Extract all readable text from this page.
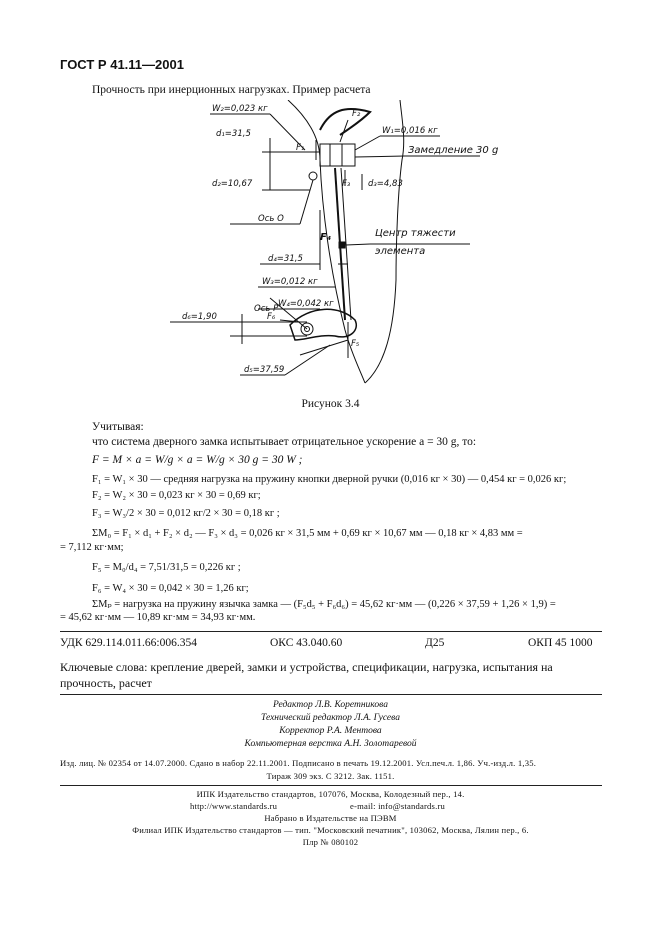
ГОСТ Р 41.11—2001
Прочность при инерционных нагрузках. Пример расчета
W₂=0,023 кг	F₂
W₁=0,016 кг
d₁=31,5
F₁	Замедление 30 g
d₂=10,67	F₃ d₃=4,83
Ось О
F₄	Центр тяжести
элемента
d₄=31,5
W₃=0,012 кг
W₄=0,042 кг
d₆=1,90
Ось P
F₆
F₅
d₅=37,59
Рисунок 3.4
Учитывая:
что система дверного замка испытывает отрицательное ускорение a = 30 g, то:
F = M × a = W/g × a = W/g × 30 g = 30 W ;
F₁ = W₁ × 30 — средняя нагрузка на пружину кнопки дверной ручки (0,016 кг × 30) — 0,454 кг = 0,026 кг;
F₂ = W₂ × 30 = 0,023 кг × 30 = 0,69 кг;
F₃ = W₃/2 × 30 = 0,012 кг/2 × 30 = 0,18 кг ;
ΣM₀ = F₁ × d₁ + F₂ × d₂ — F₃ × d₃ = 0,026 кг × 31,5 мм + 0,69 кг × 10,67 мм — 0,18 кг × 4,83 мм =
= 7,112 кг·мм;
F₅ = M₀/d₄ = 7,51/31,5 = 0,226 кг ;
F₆ = W₄ × 30 = 0,042 × 30 = 1,26 кг;
ΣMₚ = нагрузка на пружину язычка замка — (F₅d₅ + F₆d₆) = 45,62 кг·мм — (0,226 × 37,59 + 1,26 × 1,9) =
= 45,62 кг·мм — 10,89 кг·мм = 34,93 кг·мм.
УДК 629.114.011.66:006.354	ОКС 43.040.60	Д25	ОКП 45 1000
Ключевые слова: крепление дверей, замки и устройства, спецификации, нагрузка, испытания на
прочность, расчет
Редактор Л.В. Коретникова
Технический редактор Л.А. Гусева
Корректор Р.А. Ментова
Компьютерная верстка А.Н. Золотаревой
Изд. лиц. № 02354 от 14.07.2000. Сдано в набор 22.11.2001. Подписано в печать 19.12.2001. Усл.печ.л. 1,86. Уч.-изд.л. 1,35.
Тираж 309 экз. С 3212. Зак. 1151.
ИПК Издательство стандартов, 107076, Москва, Колодезный пер., 14.
http://www.standards.ru	e-mail: info@standards.ru
Набрано в Издательстве на ПЭВМ
Филиал ИПК Издательство стандартов — тип. "Московский печатник", 103062, Москва, Лялин пер., 6.
Плр № 080102
